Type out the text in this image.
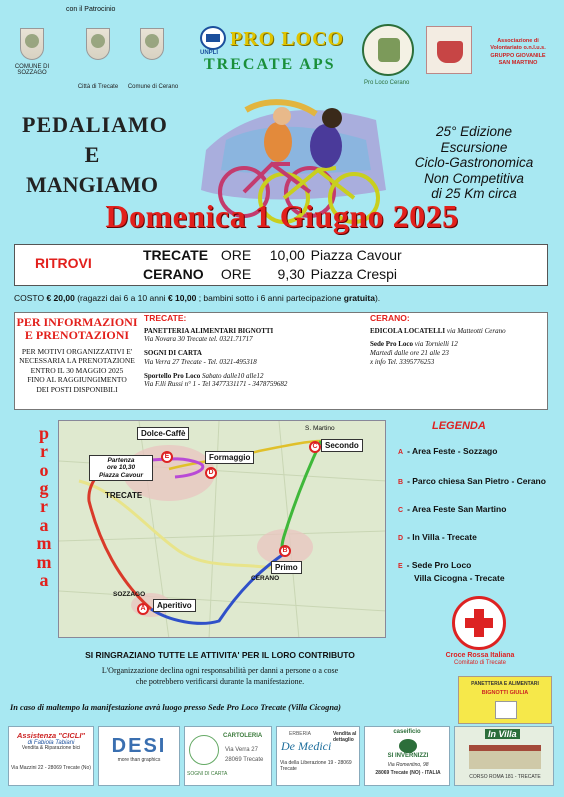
con il Patrocinio
COMUNE DI SOZZAGO
Città di Trecate	Comune di Cerano
UNPLI
PRO LOCO
TRECATE APS
Pro Loco Cerano
Associazione di
Volontariato o.n.l.u.s.
GRUPPO GIOVANILE
SAN MARTINO
PEDALIAMO
E
MANGIAMO
25° Edizione
Escursione
Ciclo-Gastronomica
Non Competitiva
di 25 Km circa
Domenica 1 Giugno 2025
RITROVI	TRECATE ORE 10,00 Piazza Cavour
CERANO ORE 9,30 Piazza Crespi
COSTO € 20,00 (ragazzi dai 6 a 10 anni € 10,00 ; bambini sotto i 6 anni partecipazione gratuita).
PER INFORMAZIONI
E PRENOTAZIONI
PER MOTIVI ORGANIZZATIVI E'
NECESSARIA LA PRENOTAZIONE
ENTRO IL 30 MAGGIO 2025
FINO AL RAGGIUNGIMENTO
DEI POSTI DISPONIBILI
TRECATE:
PANETTERIA ALIMENTARI BIGNOTTI
Via Novara 30 Trecate tel. 0321.71717
SOGNI DI CARTA
Via Verra 27 Trecate - Tel. 0321-495318
Sportello Pro Loco Sabato dalle10 alle12
Via F.lli Russi n° 1 - Tel 3477331171 - 3478759682
CERANO:
EDICOLA LOCATELLI via Matteotti Cerano
Sede Pro Loco via Tornielli 12
Martedì dalle ore 21 alle 23
x info Tel. 3395776253
p
r
o
g
r
a
m
m
a
Dolce-Caffè
Formaggio
Secondo
Primo
Aperitivo
Partenza
ore 10,30
Piazza Cavour
TRECATE
CERANO
SOZZAGO
S. Martino
A
B
C
D
E
LEGENDA
A - Area Feste - Sozzago
B - Parco chiesa San Pietro - Cerano
C - Area Feste San Martino
D - In Villa - Trecate
E - Sede Pro Loco
Villa Cicogna - Trecate
Croce Rossa Italiana
Comitato di Trecate
SI RINGRAZIANO TUTTE LE ATTIVITA' PER IL LORO CONTRIBUTO
L'Organizzazione declina ogni responsabilità per danni a persone o a cose
che potrebbero verificarsi durante la manifestazione.
In caso di maltempo la manifestazione avrà luogo presso Sede Pro Loco Trecate (Villa Cicogna)
PANETTERIA E ALIMENTARI
BIGNOTTI GIULIA
Assistenza "CICLI"
di Fabiola Tabiani
Vendita & Riparazione bici
Via Mazzini 22 - 28069 Trecate (No)
DESI
more than graphics
CARTOLERIA
SOGNI DI CARTA
Via Verra 27
28069 Trecate
ERBERIA
De Medici
Vendita al dettaglio
Via della Liberazione 19 - 28069 Trecate
caseificio
SI INVERNIZZI
Via Romentino, 98
28069 Trecate (NO) - ITALIA
In Villa
CORSO ROMA 181 - TRECATE
